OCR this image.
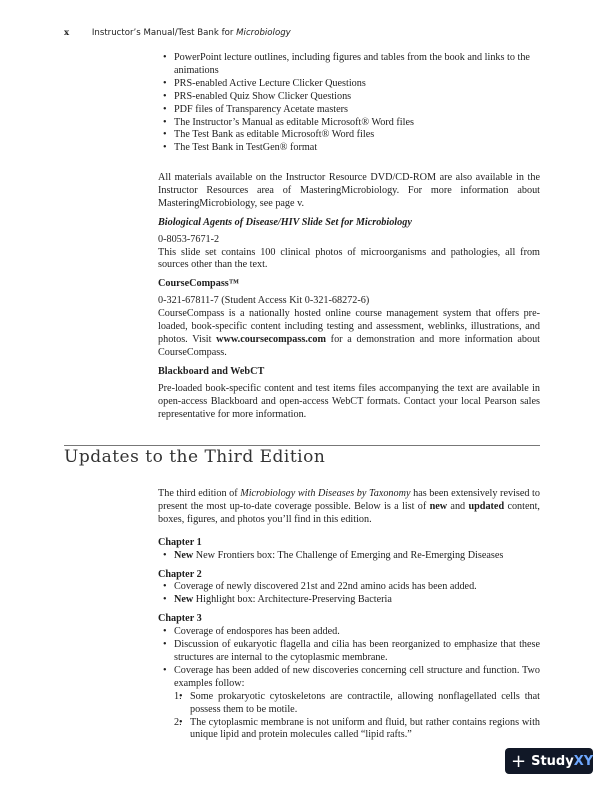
x	Instructor’s Manual/Test Bank for Microbiology
• PowerPoint lecture outlines, including figures and tables from the book and links to the animations
• PRS-enabled Active Lecture Clicker Questions
• PRS-enabled Quiz Show Clicker Questions
• PDF files of Transparency Acetate masters
• The Instructor’s Manual as editable Microsoft® Word files
• The Test Bank as editable Microsoft® Word files
• The Test Bank in TestGen® format

All materials available on the Instructor Resource DVD/CD-ROM are also available in the Instructor Resources area of MasteringMicrobiology. For more information about MasteringMicrobiology, see page v.

Biological Agents of Disease/HIV Slide Set for Microbiology
0-8053-7671-2

This slide set contains 100 clinical photos of microorganisms and pathologies, all from sources other than the text.

CourseCompass™
0-321-67811-7 (Student Access Kit 0-321-68272-6)

CourseCompass is a nationally hosted online course management system that offers pre-loaded, book-specific content including testing and assessment, weblinks, illustrations, and photos. Visit www.coursecompass.com for a demonstration and more information about CourseCompass.

Blackboard and WebCT

Pre-loaded book-specific content and test items files accompanying the text are available in open-access Blackboard and open-access WebCT formats. Contact your local Pearson sales representative for more information.

Updates to the Third Edition

The third edition of Microbiology with Diseases by Taxonomy has been extensively revised to present the most up-to-date coverage possible. Below is a list of new and updated content, boxes, figures, and photos you’ll find in this edition.

Chapter 1
• New New Frontiers box: The Challenge of Emerging and Re-Emerging Diseases
Chapter 2
• Coverage of newly discovered 21st and 22nd amino acids has been added.
• New Highlight box: Architecture-Preserving Bacteria
Chapter 3
• Coverage of endospores has been added.
• Discussion of eukaryotic flagella and cilia has been reorganized to emphasize that these structures are internal to the cytoplasmic membrane.
• Coverage has been added of new discoveries concerning cell structure and function. Two examples follow:
• 1. Some prokaryotic cytoskeletons are contractile, allowing nonflagellated cells that possess them to be motile.
• 2. The cytoplasmic membrane is not uniform and fluid, but rather contains regions with unique lipid and protein molecules called “lipid rafts.”
+ Study XY
